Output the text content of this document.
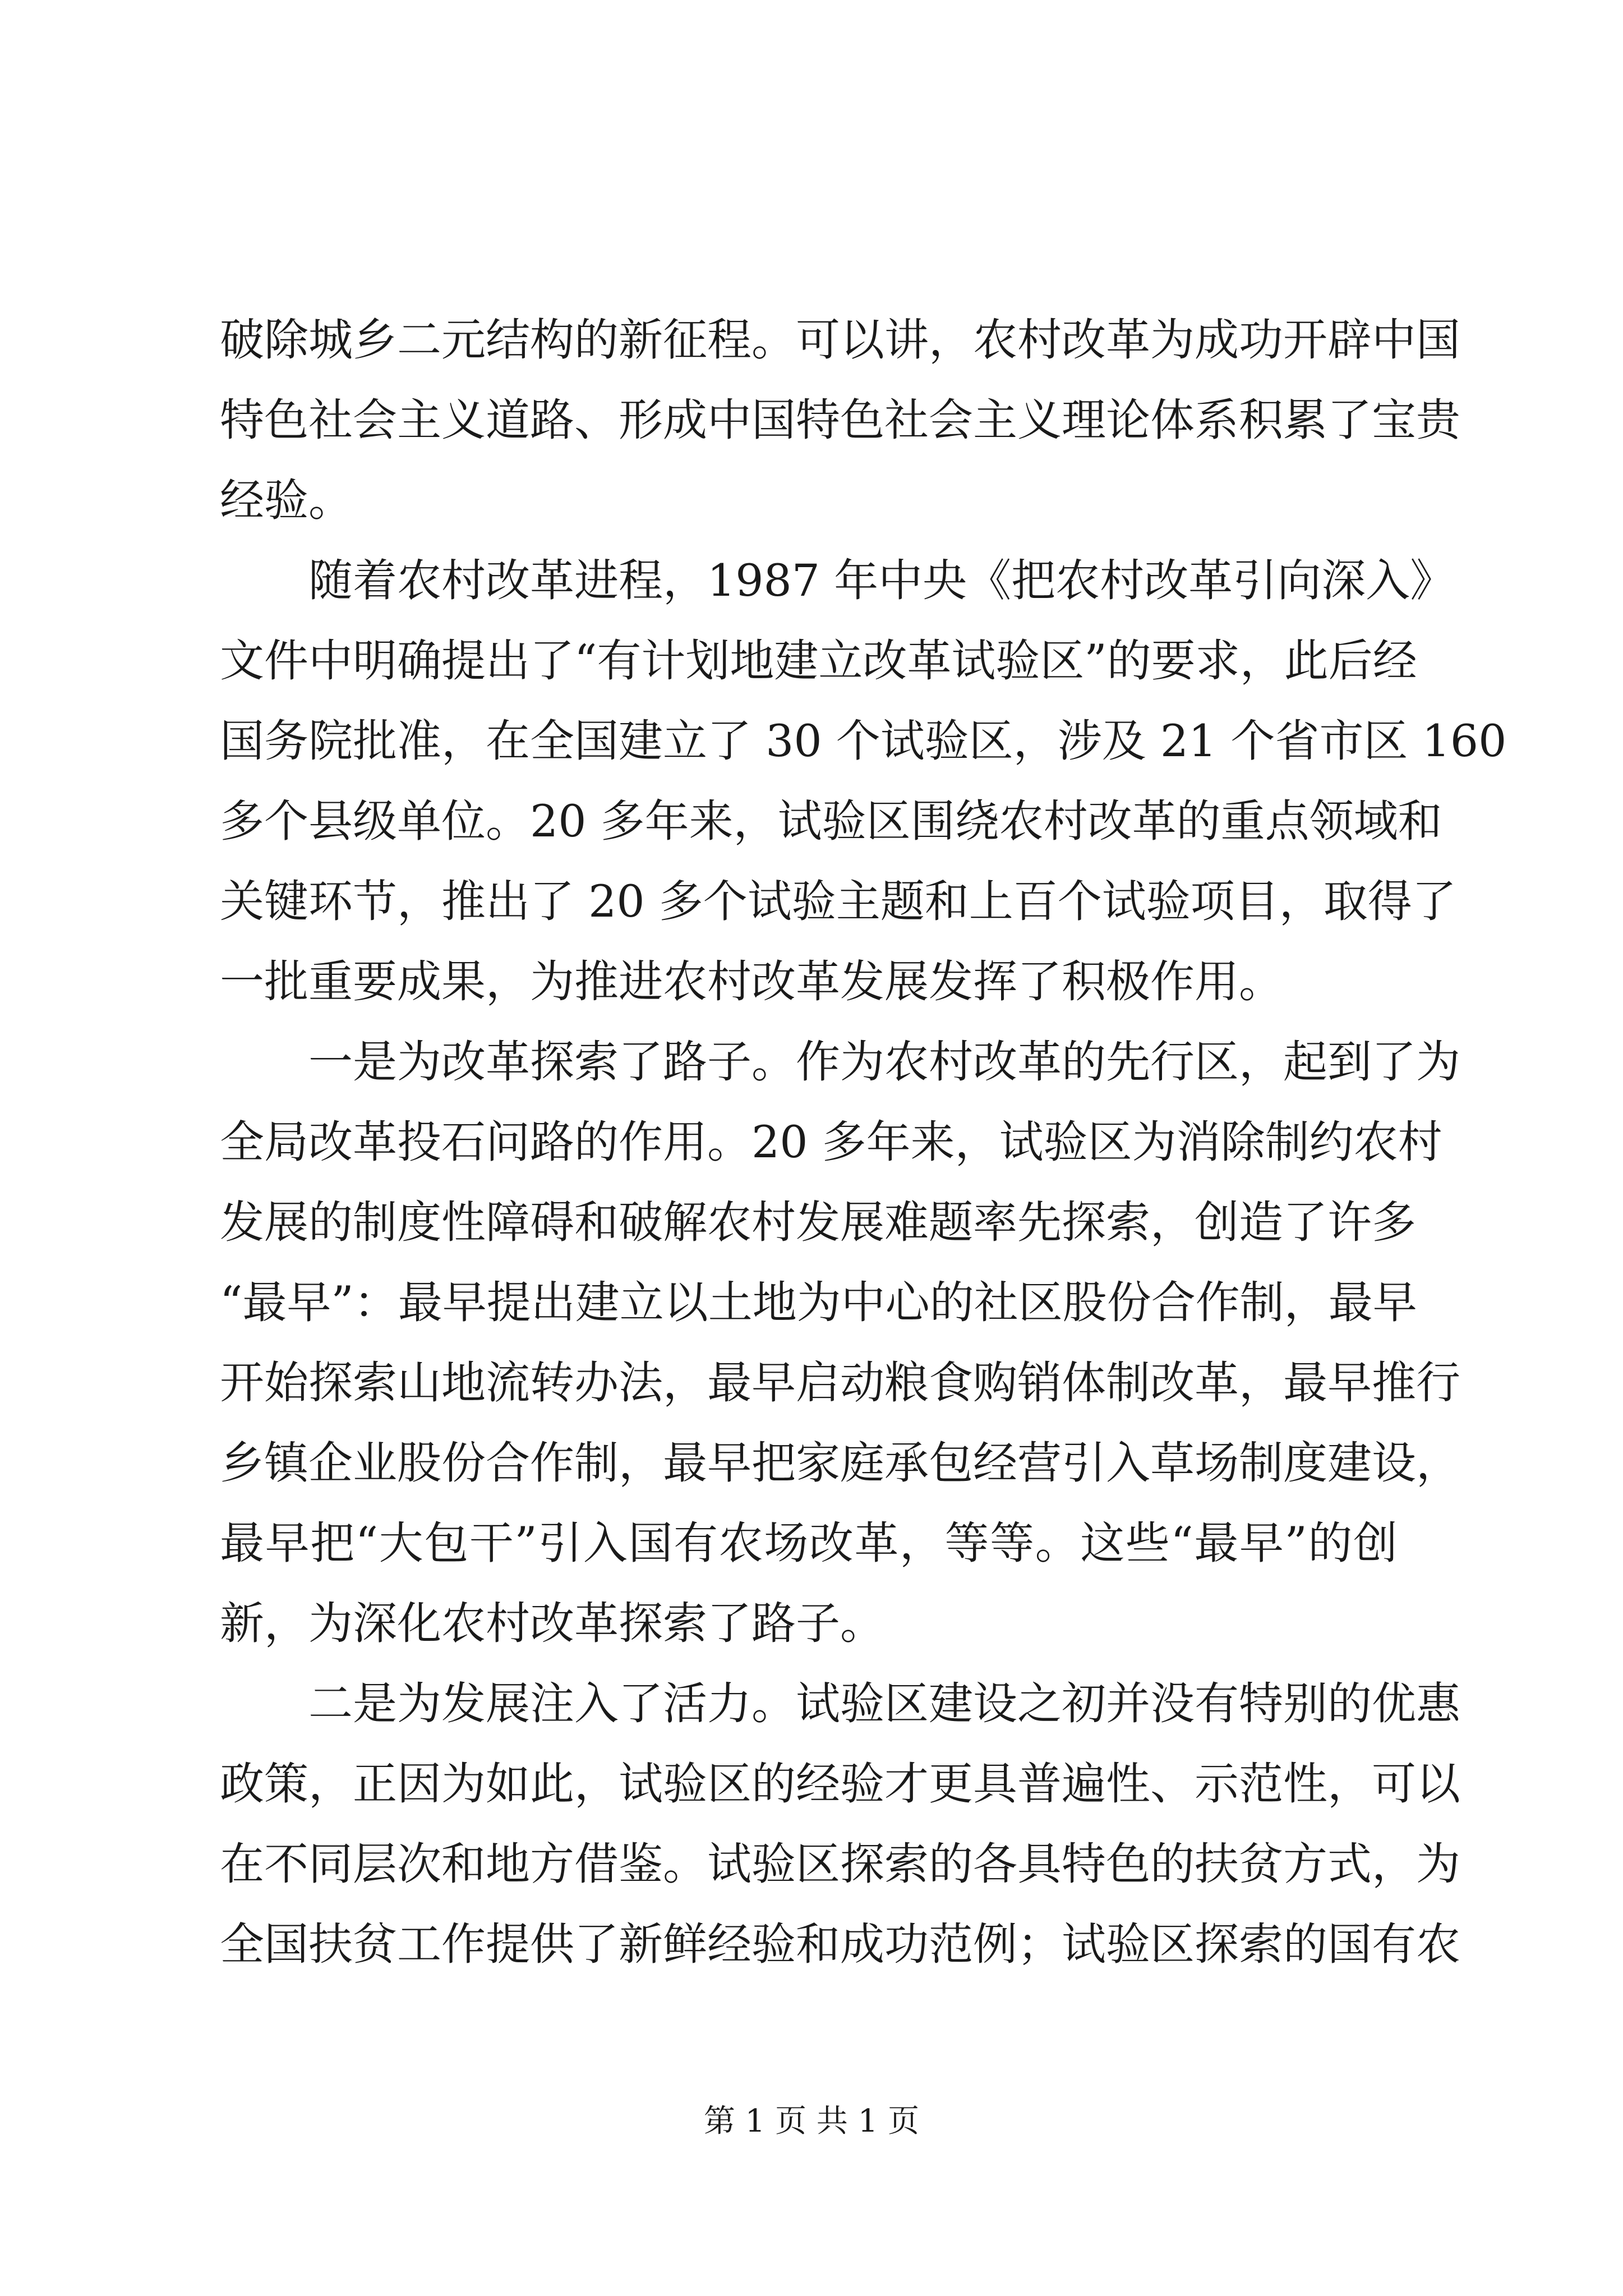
破除城乡二元结构的新征程。可以讲，农村改革为成功开辟中国
特色社会主义道路、形成中国特色社会主义理论体系积累了宝贵
经验。
随着农村改革进程，1987 年中央《把农村改革引向深入》
文件中明确提出了“有计划地建立改革试验区”的要求，此后经
国务院批准，在全国建立了 30 个试验区，涉及 21 个省市区 160
多个县级单位。20 多年来，试验区围绕农村改革的重点领域和
关键环节，推出了 20 多个试验主题和上百个试验项目，取得了
一批重要成果，为推进农村改革发展发挥了积极作用。
一是为改革探索了路子。作为农村改革的先行区，起到了为
全局改革投石问路的作用。20 多年来，试验区为消除制约农村
发展的制度性障碍和破解农村发展难题率先探索，创造了许多
“最早”：最早提出建立以土地为中心的社区股份合作制，最早
开始探索山地流转办法，最早启动粮食购销体制改革，最早推行
乡镇企业股份合作制，最早把家庭承包经营引入草场制度建设，
最早把“大包干”引入国有农场改革，等等。这些“最早”的创
新，为深化农村改革探索了路子。
二是为发展注入了活力。试验区建设之初并没有特别的优惠
政策，正因为如此，试验区的经验才更具普遍性、示范性，可以
在不同层次和地方借鉴。试验区探索的各具特色的扶贫方式，为
全国扶贫工作提供了新鲜经验和成功范例；试验区探索的国有农
第 1 页 共 1 页
